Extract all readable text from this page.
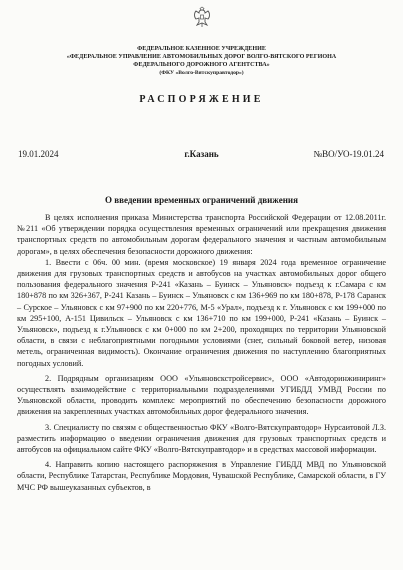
ФЕДЕРАЛЬНОЕ КАЗЕННОЕ УЧРЕЖДЕНИЕ
«ФЕДЕРАЛЬНОЕ УПРАВЛЕНИЕ АВТОМОБИЛЬНЫХ ДОРОГ ВОЛГО-ВЯТСКОГО РЕГИОНА
ФЕДЕРАЛЬНОГО ДОРОЖНОГО АГЕНТСТВА»
(ФКУ «Волго-Вятскуправтодор»)
РАСПОРЯЖЕНИЕ
19.01.2024	г.Казань	№ВО/УО-19.01.24
О введении временных ограничений движения

В целях исполнения приказа Министерства транспорта Российской Федерации от 12.08.2011г. №211 «Об утверждении порядка осуществления временных ограничений или прекращения движения транспортных средств по автомобильным дорогам федерального значения и частным автомобильным дорогам», в целях обеспечения безопасности дорожного движения:

1. Ввести с 06ч. 00 мин. (время московское) 19 января 2024 года временное ограничение движения для грузовых транспортных средств и автобусов на участках автомобильных дорог общего пользования федерального значения Р-241 «Казань – Буинск – Ульяновск» подъезд к г.Самара с км 180+878 по км 326+367, Р-241 Казань – Буинск – Ульяновск с км 136+969 по км 180+878, Р-178 Саранск – Сурское – Ульяновск с км 97+900 по км 220+776, М-5 «Урал», подъезд к г. Ульяновск с км 199+000 по км 295+100, А-151 Цивильск – Ульяновск с км 136+710 по км 199+000, Р-241 «Казань – Буинск – Ульяновск», подъезд к г.Ульяновск с км 0+000 по км 2+200, проходящих по территории Ульяновской области, в связи с неблагоприятными погодными условиями (снег, сильный боковой ветер, низовая метель, ограниченная видимость). Окончание ограничения движения по наступлению благоприятных погодных условий.

2. Подрядным организациям ООО «Ульяновскстройсервис», ООО «Автодоринжиниринг» осуществлять взаимодействие с территориальными подразделениями УГИБДД УМВД России по Ульяновской области, проводить комплекс мероприятий по обеспечению безопасности дорожного движения на закрепленных участках автомобильных дорог федерального значения.

3. Специалисту по связям с общественностью ФКУ «Волго-Вятскуправтодор» Нурсаитовой Л.З. разместить информацию о введении ограничения движения для грузовых транспортных средств и автобусов на официальном сайте ФКУ «Волго-Вятскуправтодор» и в средствах массовой информации.

4. Направить копию настоящего распоряжения в Управление ГИБДД МВД по Ульяновской области, Республике Татарстан, Республике Мордовия, Чувашской Республике, Самарской области, в ГУ МЧС РФ вышеуказанных субъектов, в
